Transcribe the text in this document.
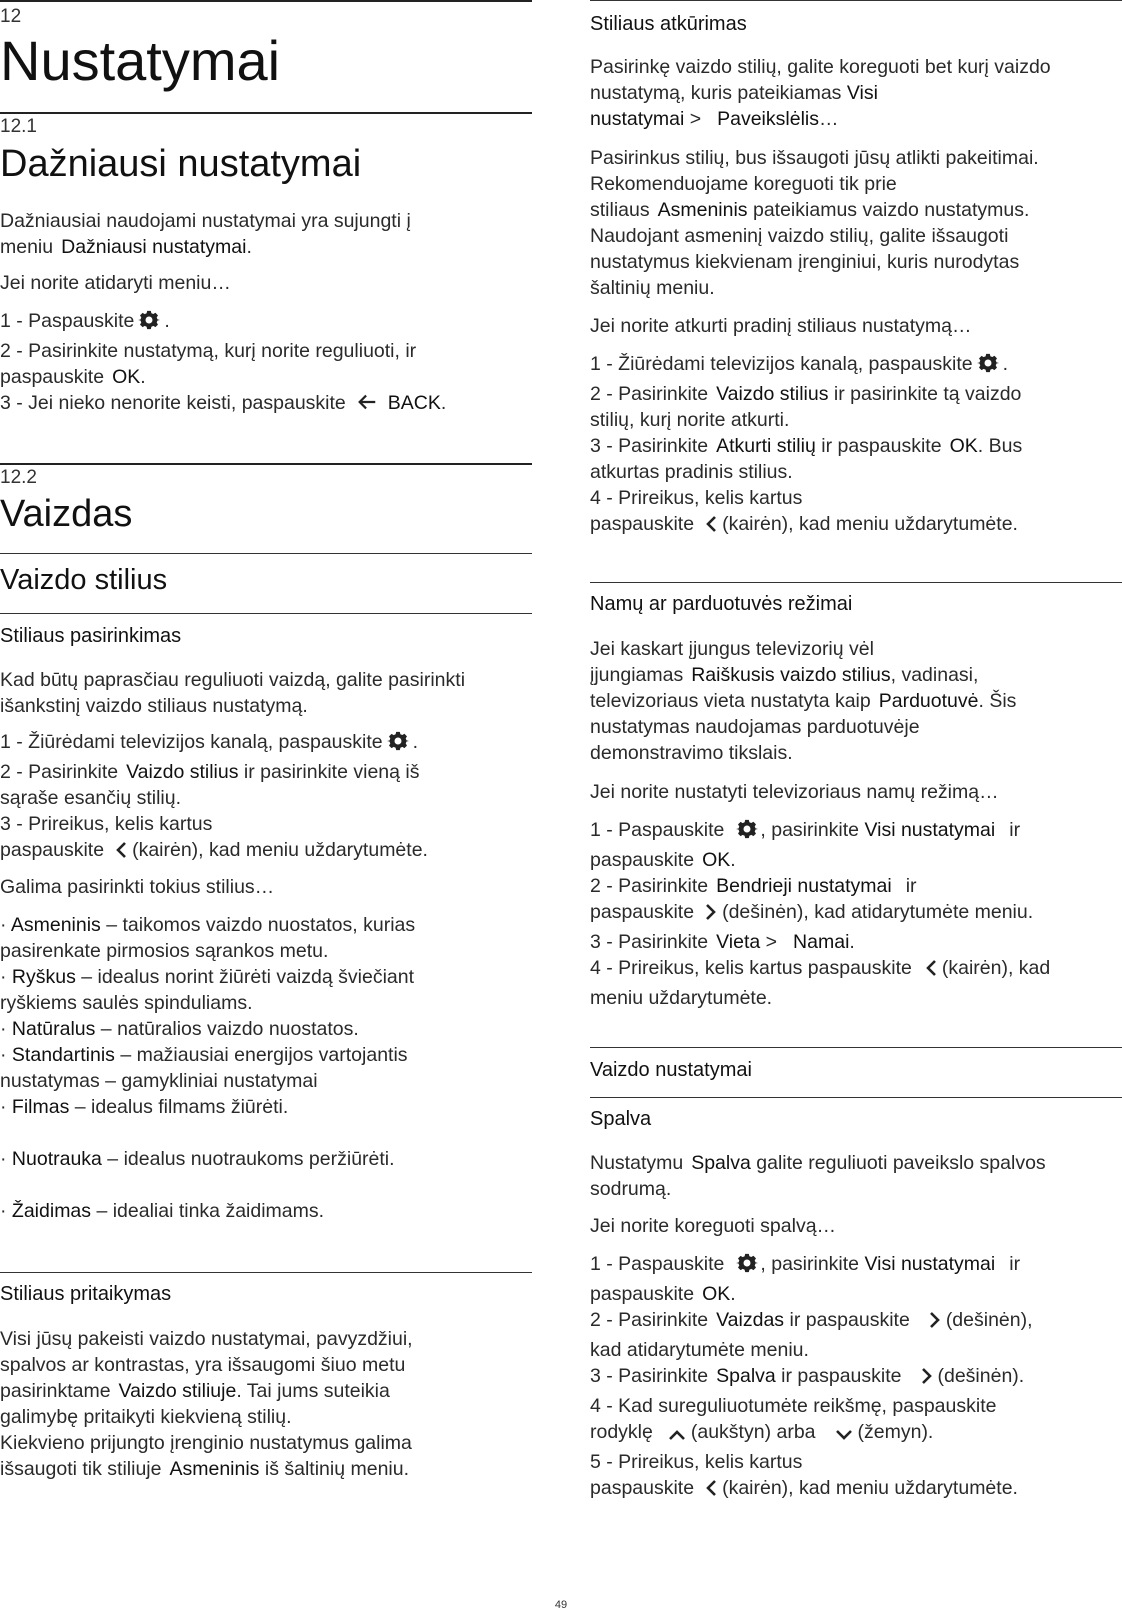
12
Nustatymai
12.1
Dažniausi nustatymai
Dažniausiai naudojami nustatymai yra sujungti į
meniu Dažniausi nustatymai.
Jei norite atidaryti meniu…
1 - Paspauskite .
2 - Pasirinkite nustatymą, kurį norite reguliuoti, ir
paspauskite OK.
3 - Jei nieko nenorite keisti, paspauskite BACK.
12.2
Vaizdas
Vaizdo stilius
Stiliaus pasirinkimas
Kad būtų paprasčiau reguliuoti vaizdą, galite pasirinkti
išankstinį vaizdo stiliaus nustatymą.
1 - Žiūrėdami televizijos kanalą, paspauskite .
2 - Pasirinkite Vaizdo stilius ir pasirinkite vieną iš
sąraše esančių stilių.
3 - Prireikus, kelis kartus
paspauskite (kairėn), kad meniu uždarytumėte.
Galima pasirinkti tokius stilius…
· Asmeninis – taikomos vaizdo nuostatos, kurias
pasirenkate pirmosios sąrankos metu.
· Ryškus – idealus norint žiūrėti vaizdą šviečiant
ryškiems saulės spinduliams.
· Natūralus – natūralios vaizdo nuostatos.
· Standartinis – mažiausiai energijos vartojantis
nustatymas – gamykliniai nustatymai
· Filmas – idealus filmams žiūrėti.
· Nuotrauka – idealus nuotraukoms peržiūrėti.
· Žaidimas – idealiai tinka žaidimams.
Stiliaus pritaikymas
Visi jūsų pakeisti vaizdo nustatymai, pavyzdžiui,
spalvos ar kontrastas, yra išsaugomi šiuo metu
pasirinktame Vaizdo stiliuje. Tai jums suteikia
galimybę pritaikyti kiekvieną stilių.
Kiekvieno prijungto įrenginio nustatymus galima
išsaugoti tik stiliuje Asmeninis iš šaltinių meniu.
Stiliaus atkūrimas
Pasirinkę vaizdo stilių, galite koreguoti bet kurį vaizdo
nustatymą, kuris pateikiamas Visi
nustatymai > Paveikslėlis…
Pasirinkus stilių, bus išsaugoti jūsų atlikti pakeitimai.
Rekomenduojame koreguoti tik prie
stiliaus Asmeninis pateikiamus vaizdo nustatymus.
Naudojant asmeninį vaizdo stilių, galite išsaugoti
nustatymus kiekvienam įrenginiui, kuris nurodytas
šaltinių meniu.
Jei norite atkurti pradinį stiliaus nustatymą…
1 - Žiūrėdami televizijos kanalą, paspauskite .
2 - Pasirinkite Vaizdo stilius ir pasirinkite tą vaizdo
stilių, kurį norite atkurti.
3 - Pasirinkite Atkurti stilių ir paspauskite OK. Bus
atkurtas pradinis stilius.
4 - Prireikus, kelis kartus
paspauskite (kairėn), kad meniu uždarytumėte.
Namų ar parduotuvės režimai
Jei kaskart įjungus televizorių vėl
įjungiamas Raiškusis vaizdo stilius, vadinasi,
televizoriaus vieta nustatyta kaip Parduotuvė. Šis
nustatymas naudojamas parduotuvėje
demonstravimo tikslais.
Jei norite nustatyti televizoriaus namų režimą…
1 - Paspauskite , pasirinkite Visi nustatymai ir
paspauskite OK.
2 - Pasirinkite Bendrieji nustatymai ir
paspauskite (dešinėn), kad atidarytumėte meniu.
3 - Pasirinkite Vieta > Namai.
4 - Prireikus, kelis kartus paspauskite (kairėn), kad
meniu uždarytumėte.
Vaizdo nustatymai
Spalva
Nustatymu Spalva galite reguliuoti paveikslo spalvos
sodrumą.
Jei norite koreguoti spalvą…
1 - Paspauskite , pasirinkite Visi nustatymai ir
paspauskite OK.
2 - Pasirinkite Vaizdas ir paspauskite (dešinėn),
kad atidarytumėte meniu.
3 - Pasirinkite Spalva ir paspauskite (dešinėn).
4 - Kad sureguliuotumėte reikšmę, paspauskite
rodyklę (aukštyn) arba (žemyn).
5 - Prireikus, kelis kartus
paspauskite (kairėn), kad meniu uždarytumėte.
49
